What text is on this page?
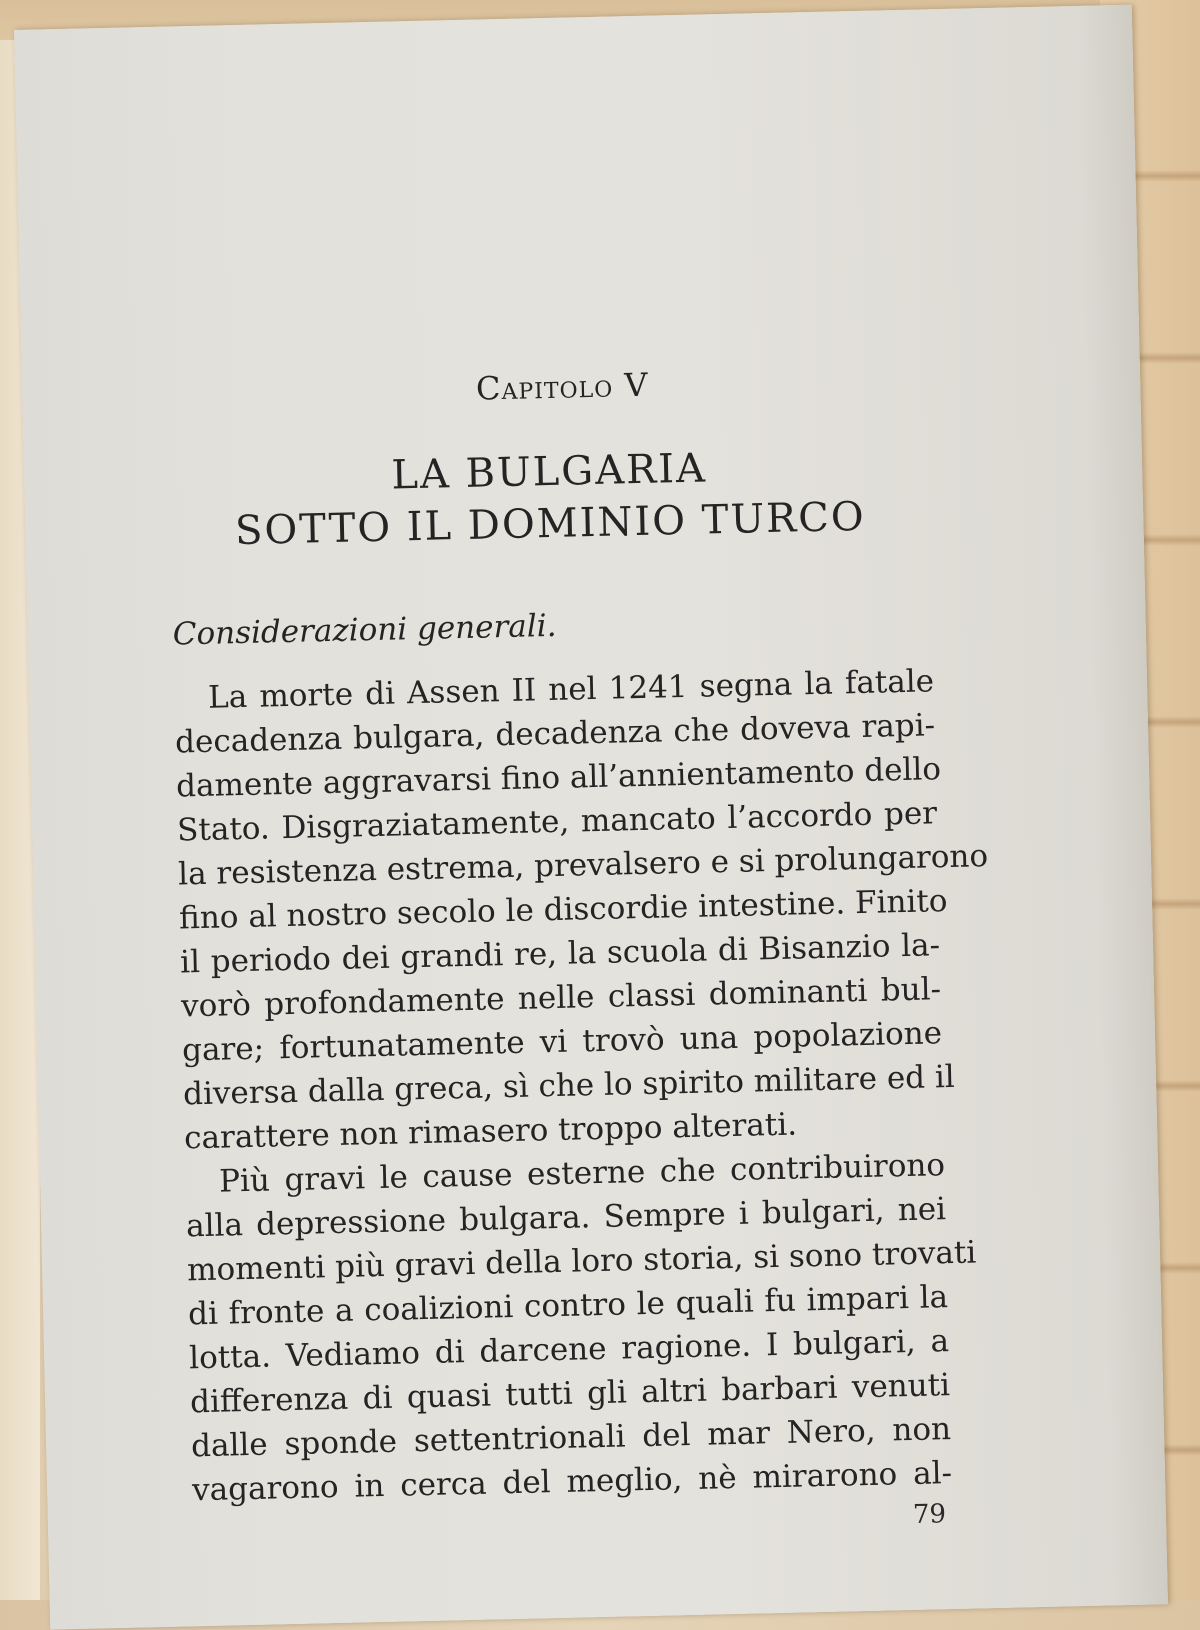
Capitolo V

LA BULGARIA
SOTTO IL DOMINIO TURCO
Considerazioni generali.

La morte di Assen II nel 1241 segna la fatale
decadenza bulgara, decadenza che doveva rapi-
damente aggravarsi fino all’annientamento dello
Stato. Disgraziatamente, mancato l’accordo per
la resistenza estrema, prevalsero e si prolungarono
fino al nostro secolo le discordie intestine. Finito
il periodo dei grandi re, la scuola di Bisanzio la-
vorò profondamente nelle classi dominanti bul-
gare; fortunatamente vi trovò una popolazione
diversa dalla greca, sì che lo spirito militare ed il
carattere non rimasero troppo alterati.

Più gravi le cause esterne che contribuirono
alla depressione bulgara. Sempre i bulgari, nei
momenti più gravi della loro storia, si sono trovati
di fronte a coalizioni contro le quali fu impari la
lotta. Vediamo di darcene ragione. I bulgari, a
differenza di quasi tutti gli altri barbari venuti
dalle sponde settentrionali del mar Nero, non
vagarono in cerca del meglio, nè mirarono al-

79
